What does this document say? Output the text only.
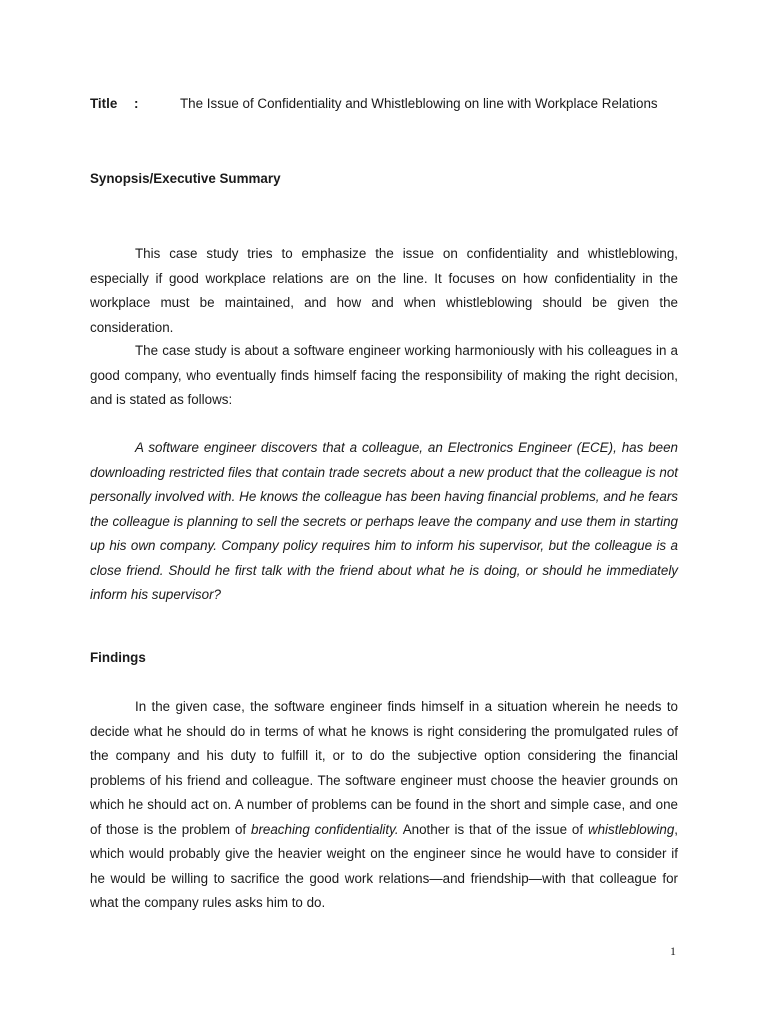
Title :	The Issue of Confidentiality and Whistleblowing on line with Workplace Relations
Synopsis/Executive Summary

This case study tries to emphasize the issue on confidentiality and whistleblowing, especially if good workplace relations are on the line. It focuses on how confidentiality in the workplace must be maintained, and how and when whistleblowing should be given the consideration.

The case study is about a software engineer working harmoniously with his colleagues in a good company, who eventually finds himself facing the responsibility of making the right decision, and is stated as follows:

A software engineer discovers that a colleague, an Electronics Engineer (ECE), has been downloading restricted files that contain trade secrets about a new product that the colleague is not personally involved with. He knows the colleague has been having financial problems, and he fears the colleague is planning to sell the secrets or perhaps leave the company and use them in starting up his own company. Company policy requires him to inform his supervisor, but the colleague is a close friend. Should he first talk with the friend about what he is doing, or should he immediately inform his supervisor?

Findings

In the given case, the software engineer finds himself in a situation wherein he needs to decide what he should do in terms of what he knows is right considering the promulgated rules of the company and his duty to fulfill it, or to do the subjective option considering the financial problems of his friend and colleague. The software engineer must choose the heavier grounds on which he should act on. A number of problems can be found in the short and simple case, and one of those is the problem of breaching confidentiality. Another is that of the issue of whistleblowing, which would probably give the heavier weight on the engineer since he would have to consider if he would be willing to sacrifice the good work relations—and friendship—with that colleague for what the company rules asks him to do.

1
